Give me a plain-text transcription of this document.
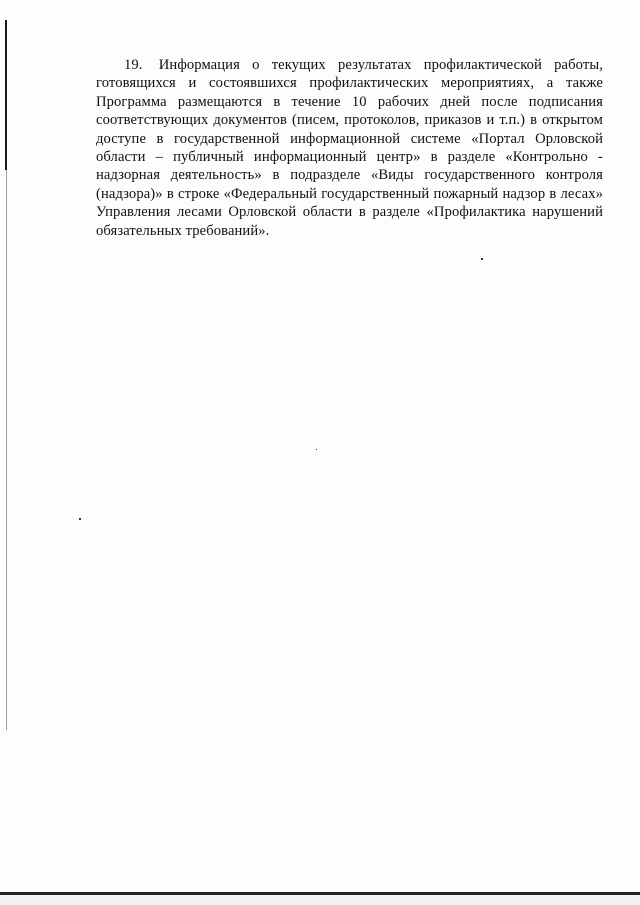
19. Информация о текущих результатах профилактической работы, готовящихся и состоявшихся профилактических мероприятиях, а также Программа размещаются в течение 10 рабочих дней после подписания соответствующих документов (писем, протоколов, приказов и т.п.) в открытом доступе в государственной информационной системе «Портал Орловской области – публичный информационный центр» в разделе «Контрольно - надзорная деятельность» в подразделе «Виды государственного контроля (надзора)» в строке «Федеральный государственный пожарный надзор в лесах» Управления лесами Орловской области в разделе «Профилактика нарушений обязательных требований».
